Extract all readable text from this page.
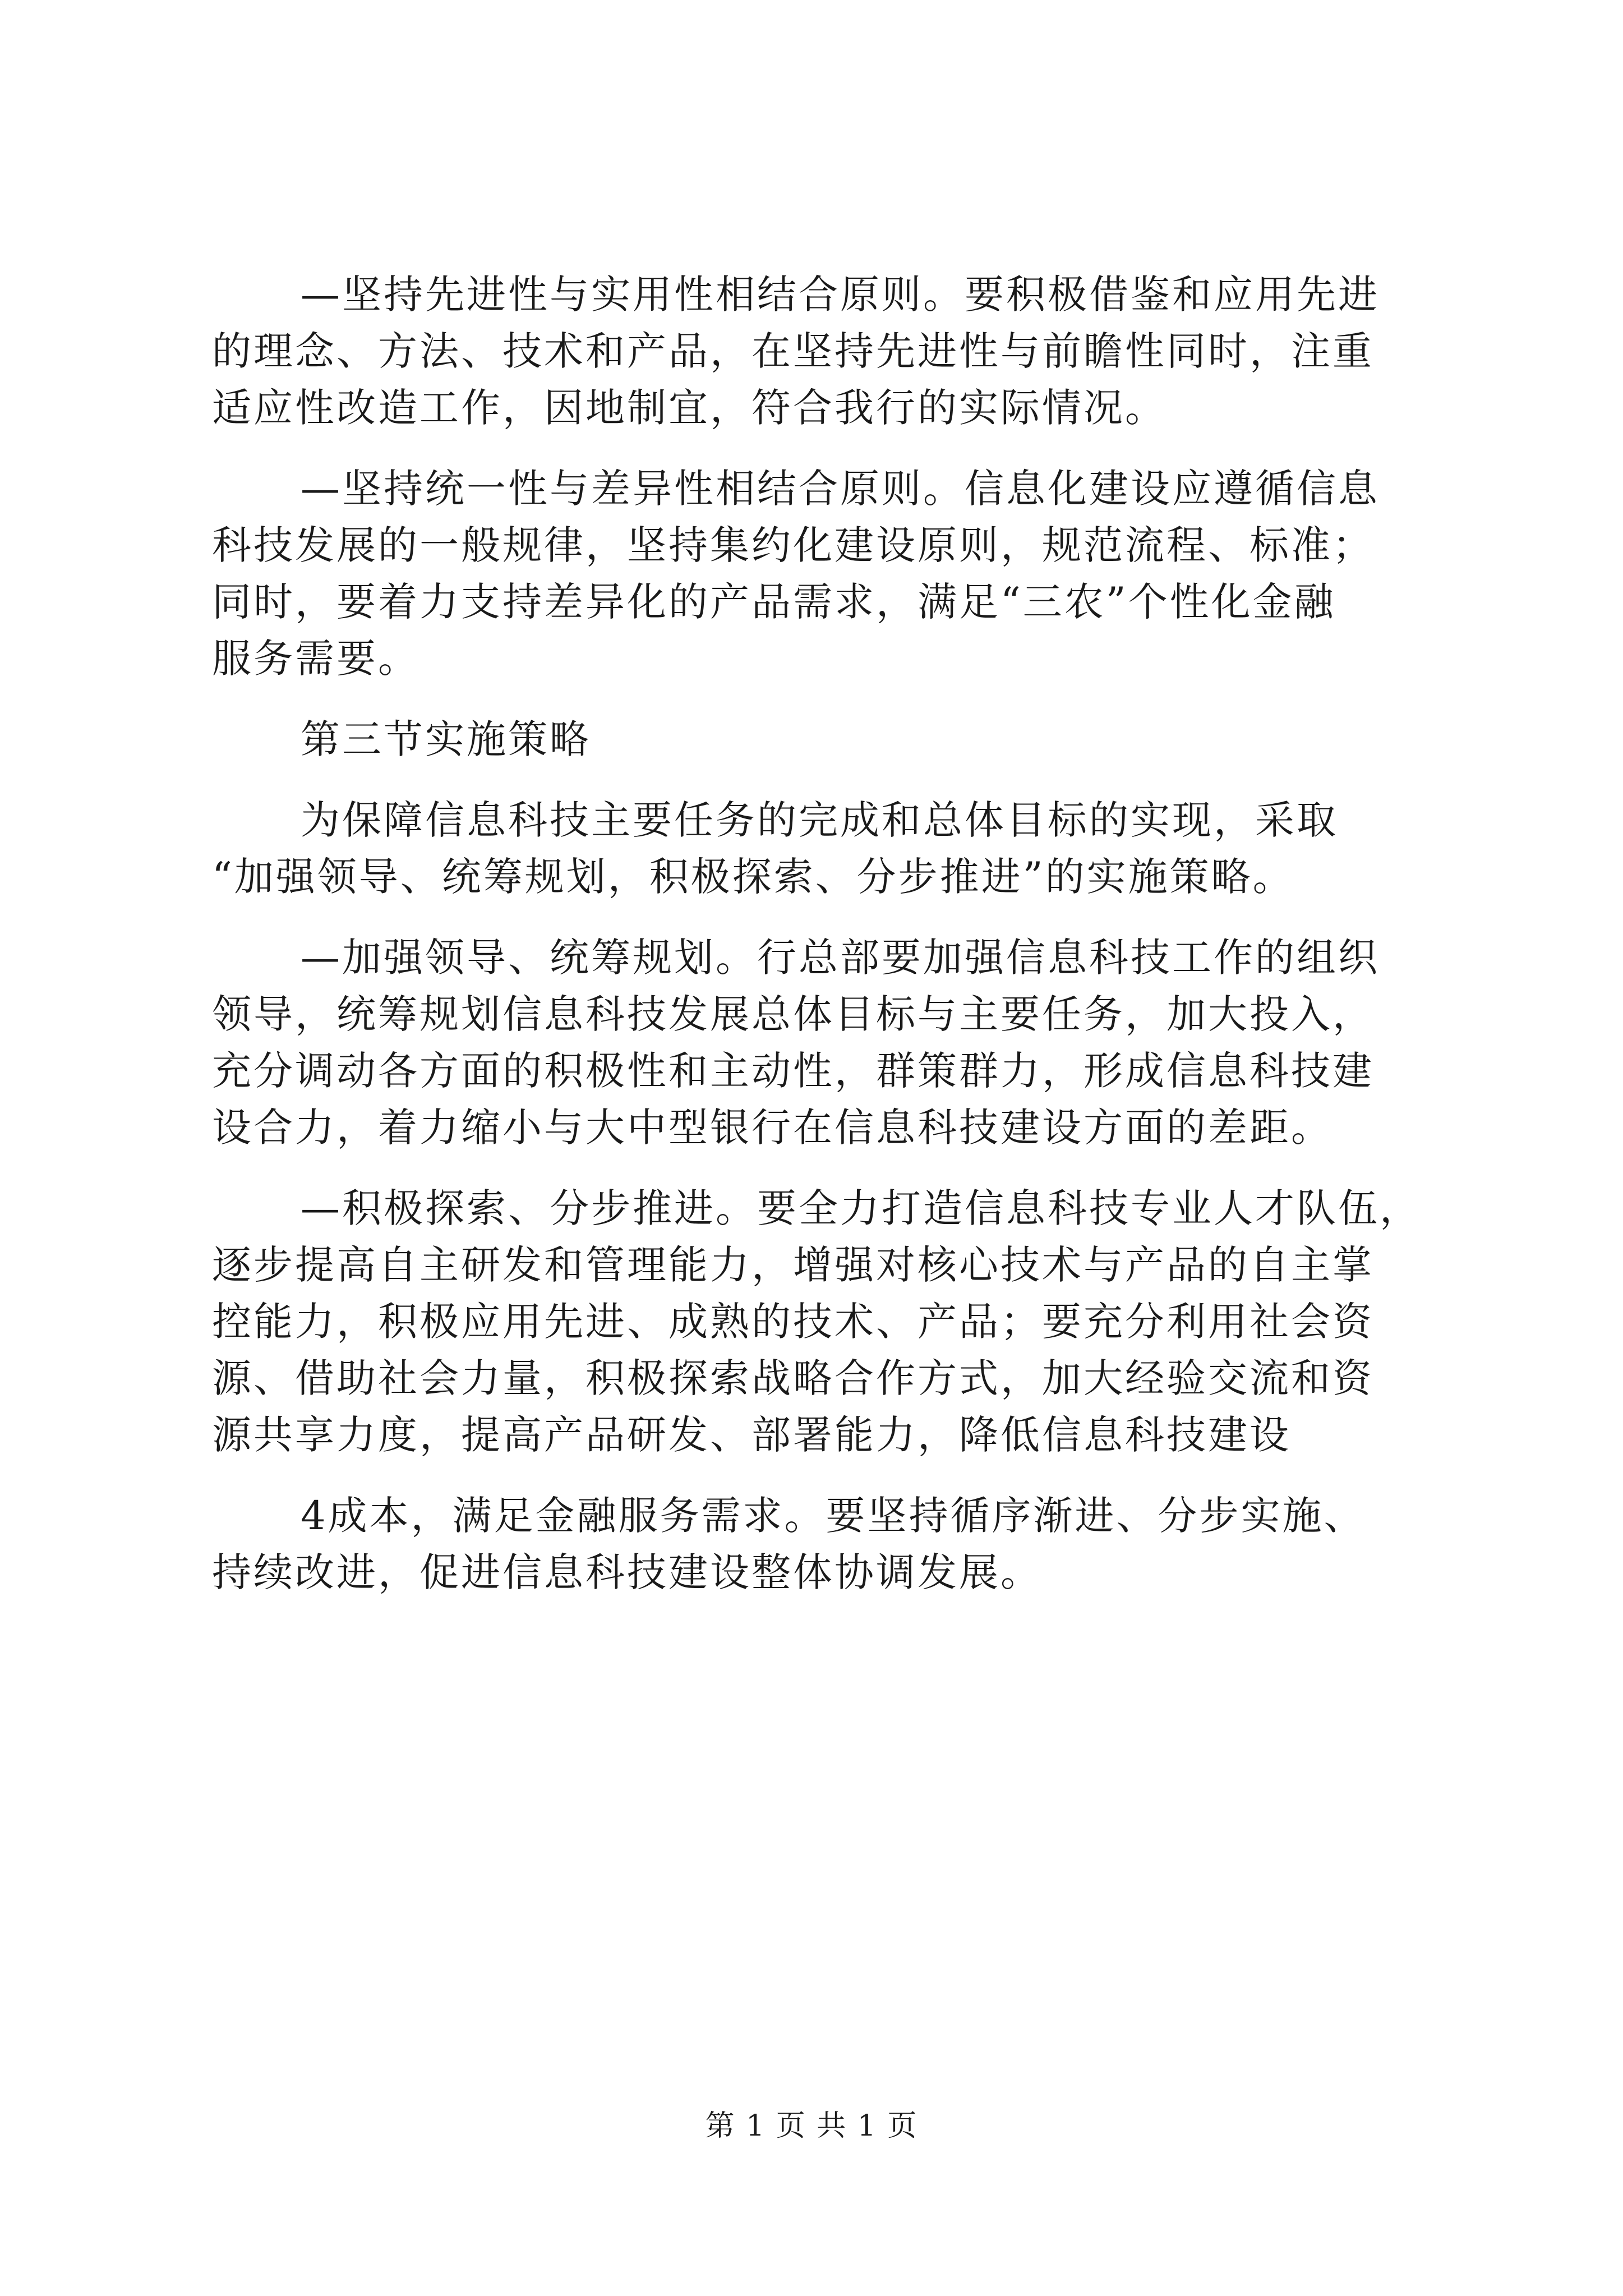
—坚持先进性与实用性相结合原则。要积极借鉴和应用先进

的理念、方法、技术和产品，在坚持先进性与前瞻性同时，注重

适应性改造工作，因地制宜，符合我行的实际情况。

—坚持统一性与差异性相结合原则。信息化建设应遵循信息

科技发展的一般规律，坚持集约化建设原则，规范流程、标准；

同时，要着力支持差异化的产品需求，满足“三农”个性化金融

服务需要。

第三节实施策略

为保障信息科技主要任务的完成和总体目标的实现，采取

“加强领导、统筹规划，积极探索、分步推进”的实施策略。

—加强领导、统筹规划。行总部要加强信息科技工作的组织

领导，统筹规划信息科技发展总体目标与主要任务，加大投入，

充分调动各方面的积极性和主动性，群策群力，形成信息科技建

设合力，着力缩小与大中型银行在信息科技建设方面的差距。

—积极探索、分步推进。要全力打造信息科技专业人才队伍，

逐步提高自主研发和管理能力，增强对核心技术与产品的自主掌

控能力，积极应用先进、成熟的技术、产品；要充分利用社会资

源、借助社会力量，积极探索战略合作方式，加大经验交流和资

源共享力度，提高产品研发、部署能力，降低信息科技建设

4成本，满足金融服务需求。要坚持循序渐进、分步实施、

持续改进，促进信息科技建设整体协调发展。

第 1 页 共 1 页
